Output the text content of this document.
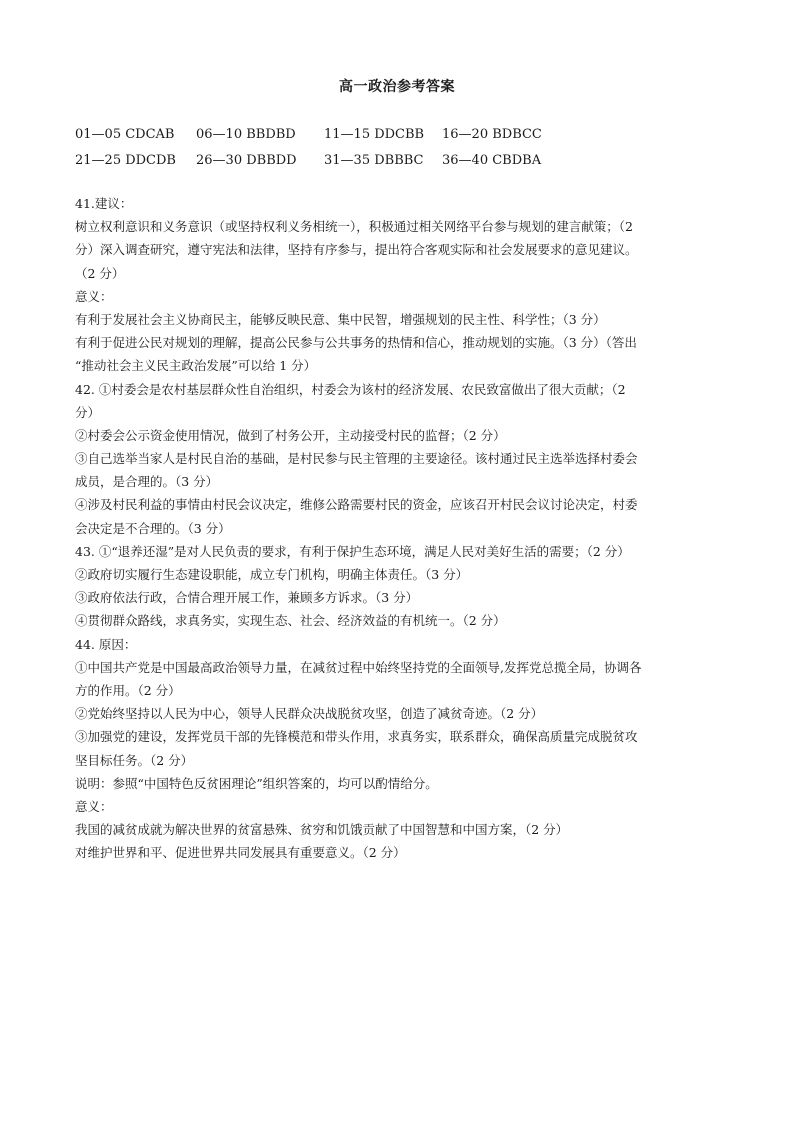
高一政治参考答案
01—05 CDCAB	06—10 BBDBD	11—15 DDCBB	16—20 BDBCC
21—25 DDCDB	26—30 DBBDD	31—35 DBBBC	36—40 CBDBA
41.建议：
树立权利意识和义务意识（或坚持权利义务相统一），积极通过相关网络平台参与规划的建言献策；（2
分）深入调查研究，遵守宪法和法律，坚持有序参与，提出符合客观实际和社会发展要求的意见建议。
（2 分）
意义：
有利于发展社会主义协商民主，能够反映民意、集中民智，增强规划的民主性、科学性；（3 分）
有利于促进公民对规划的理解，提高公民参与公共事务的热情和信心，推动规划的实施。（3 分）（答出
“推动社会主义民主政治发展”可以给 1 分）
42. ①村委会是农村基层群众性自治组织，村委会为该村的经济发展、农民致富做出了很大贡献；（2
分）
②村委会公示资金使用情况，做到了村务公开，主动接受村民的监督；（2 分）
③自己选举当家人是村民自治的基础，是村民参与民主管理的主要途径。该村通过民主选举选择村委会
成员，是合理的。（3 分）
④涉及村民利益的事情由村民会议决定，维修公路需要村民的资金，应该召开村民会议讨论决定，村委
会决定是不合理的。（3 分）
43. ①“退养还湿”是对人民负责的要求，有利于保护生态环境，满足人民对美好生活的需要；（2 分）
②政府切实履行生态建设职能，成立专门机构，明确主体责任。（3 分）
③政府依法行政，合情合理开展工作，兼顾多方诉求。（3 分）
④贯彻群众路线，求真务实，实现生态、社会、经济效益的有机统一。（2 分）
44. 原因：
①中国共产党是中国最高政治领导力量，在减贫过程中始终坚持党的全面领导,发挥党总揽全局，协调各
方的作用。（2 分）
②党始终坚持以人民为中心，领导人民群众决战脱贫攻坚，创造了减贫奇迹。（2 分）
③加强党的建设，发挥党员干部的先锋模范和带头作用，求真务实，联系群众，确保高质量完成脱贫攻
坚目标任务。（2 分）
说明：参照“中国特色反贫困理论”组织答案的，均可以酌情给分。
意义：
我国的减贫成就为解决世界的贫富悬殊、贫穷和饥饿贡献了中国智慧和中国方案，（2 分）
对维护世界和平、促进世界共同发展具有重要意义。（2 分）
